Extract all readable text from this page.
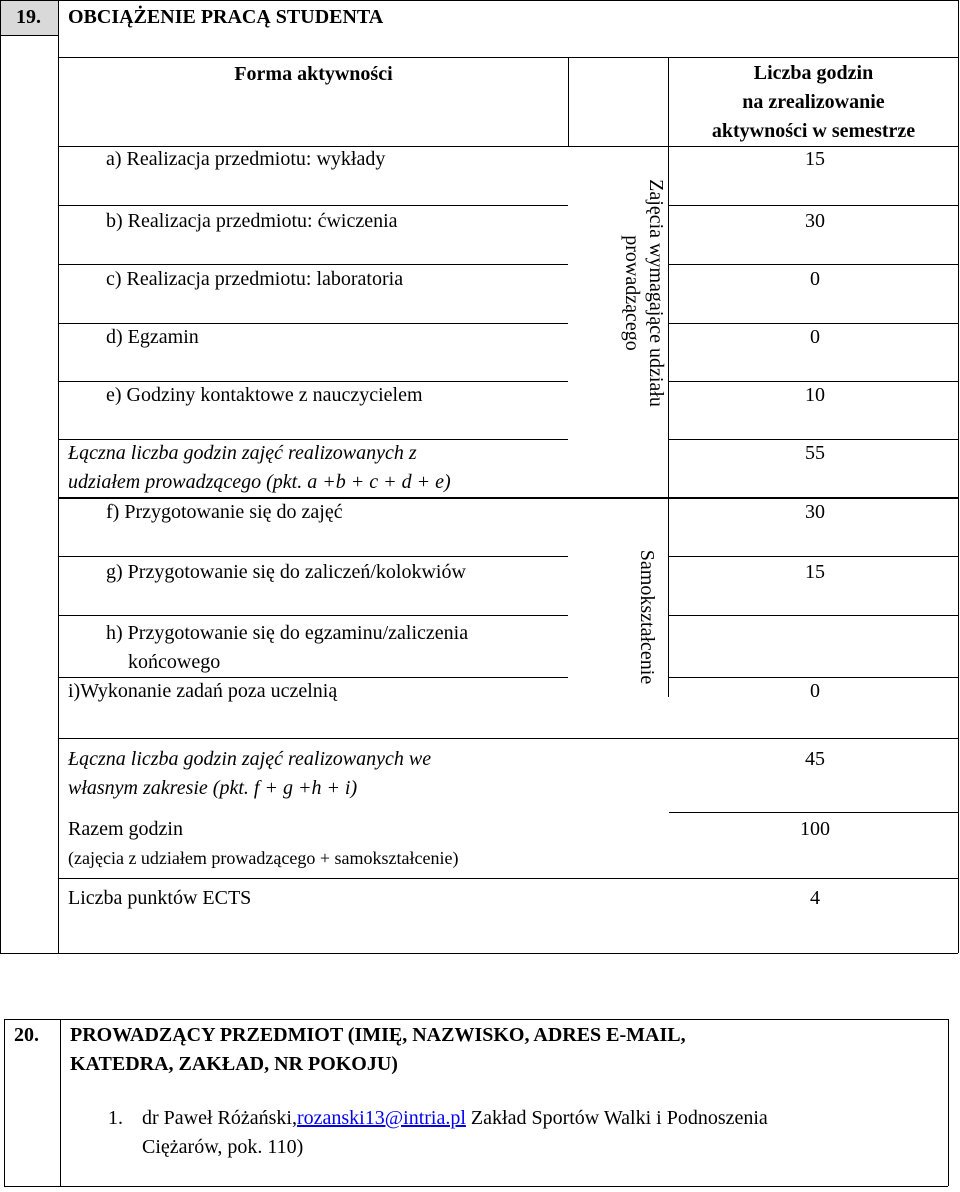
19. OBCIĄŻENIE PRACĄ STUDENTA
Forma aktywności	Liczba godzin
na zrealizowanie
aktywności w semestrze
Zajęcia wymagające udziału
prowadzącego
Samokształcenie
a) Realizacja przedmiotu: wykłady	15
b) Realizacja przedmiotu: ćwiczenia	30
c) Realizacja przedmiotu: laboratoria	0
d) Egzamin	0
e) Godziny kontaktowe z nauczycielem	10
Łączna liczba godzin zajęć realizowanych z
udziałem prowadzącego (pkt. a +b + c + d + e)
55
f) Przygotowanie się do zajęć	30
g) Przygotowanie się do zaliczeń/kolokwiów	15
h) Przygotowanie się do egzaminu/zaliczenia
końcowego
i)Wykonanie zadań poza uczelnią	0
Łączna liczba godzin zajęć realizowanych we
własnym zakresie (pkt. f + g +h + i)
45
Razem godzin
(zajęcia z udziałem prowadzącego + samokształcenie)
100
Liczba punktów ECTS	4
20. PROWADZĄCY PRZEDMIOT (IMIĘ, NAZWISKO, ADRES E-MAIL,
KATEDRA, ZAKŁAD, NR POKOJU)
1. dr Paweł Różański,rozanski13@intria.pl Zakład Sportów Walki i Podnoszenia
Ciężarów, pok. 110)
